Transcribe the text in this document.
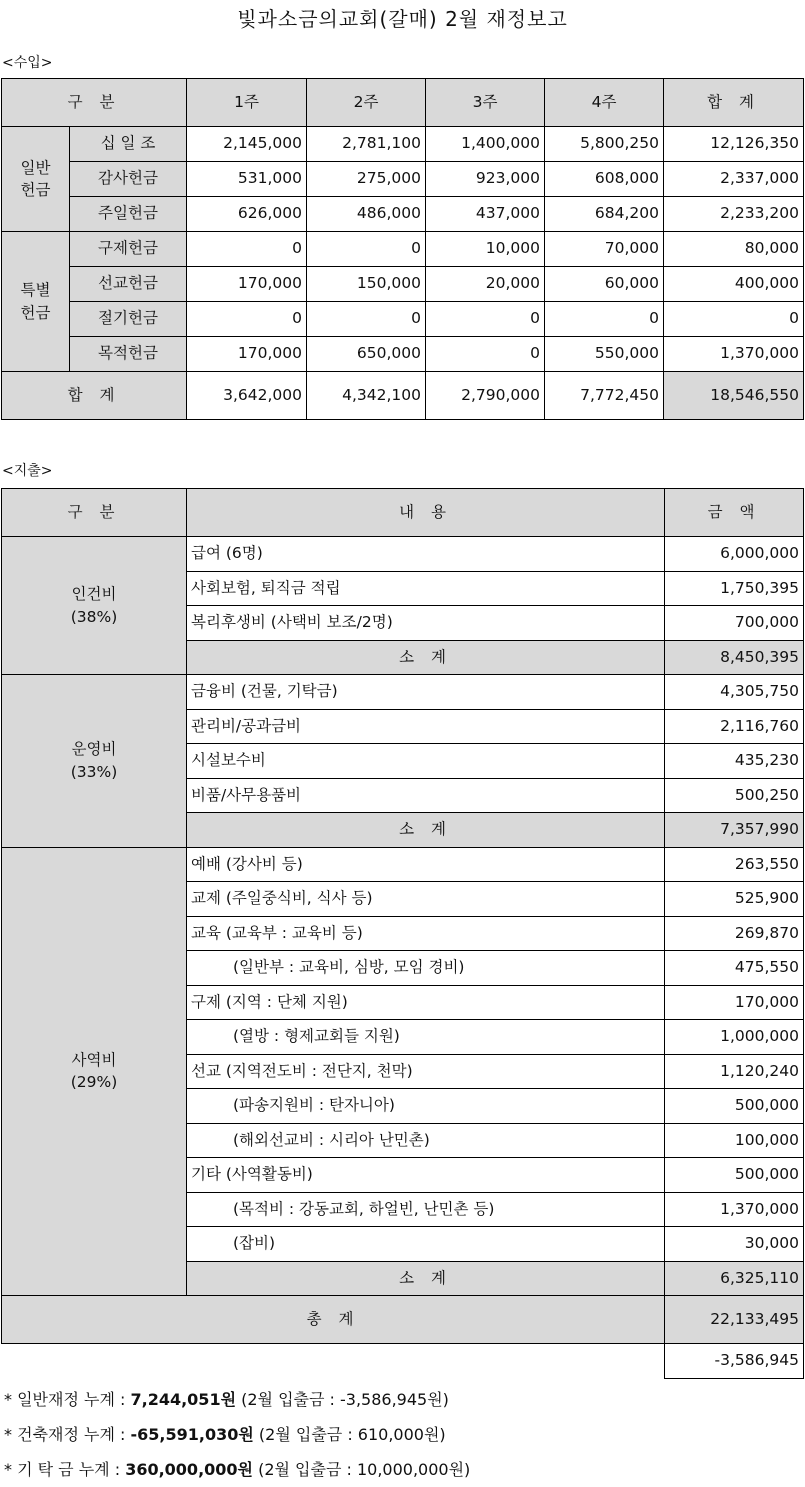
빛과소금의교회(갈매) 2월 재정보고
<수입>
구 분		1주	2주	3주	4주	합 계
일반
헌금	십 일 조	2,145,000	2,781,100	1,400,000	5,800,250	12,126,350
	감사헌금	531,000	275,000	923,000	608,000	2,337,000
	주일헌금	626,000	486,000	437,000	684,200	2,233,200
특별
헌금	구제헌금	0	0	10,000	70,000	80,000
	선교헌금	170,000	150,000	20,000	60,000	400,000
	절기헌금	0	0	0	0	0
	목적헌금	170,000	650,000	0	550,000	1,370,000
합 계		3,642,000	4,342,100	2,790,000	7,772,450	18,546,550
<지출>
구 분	내 용	금 액
인건비
(38%)	급여 (6명)	6,000,000
	사회보험, 퇴직금 적립	1,750,395
	복리후생비 (사택비 보조/2명)	700,000
	소 계	8,450,395
운영비
(33%)	금융비 (건물, 기탁금)	4,305,750
	관리비/공과금비	2,116,760
	시설보수비	435,230
	비품/사무용품비	500,250
	소 계	7,357,990
사역비
(29%)	예배 (강사비 등)	263,550
	교제 (주일중식비, 식사 등)	525,900
	교육 (교육부 : 교육비 등)	269,870
	(일반부 : 교육비, 심방, 모임 경비)	475,550
	구제 (지역 : 단체 지원)	170,000
	(열방 : 형제교회들 지원)	1,000,000
	선교 (지역전도비 : 전단지, 천막)	1,120,240
	(파송지원비 : 탄자니아)	500,000
	(해외선교비 : 시리아 난민촌)	100,000
	기타 (사역활동비)	500,000
	(목적비 : 강동교회, 하얼빈, 난민촌 등)	1,370,000
	(잡비)	30,000
	소 계	6,325,110
총 계		22,133,495
		-3,586,945
* 일반재정 누계 : 7,244,051원 (2월 입출금 : -3,586,945원)
* 건축재정 누계 : -65,591,030원 (2월 입출금 : 610,000원)
* 기 탁 금 누계 : 360,000,000원 (2월 입출금 : 10,000,000원)
